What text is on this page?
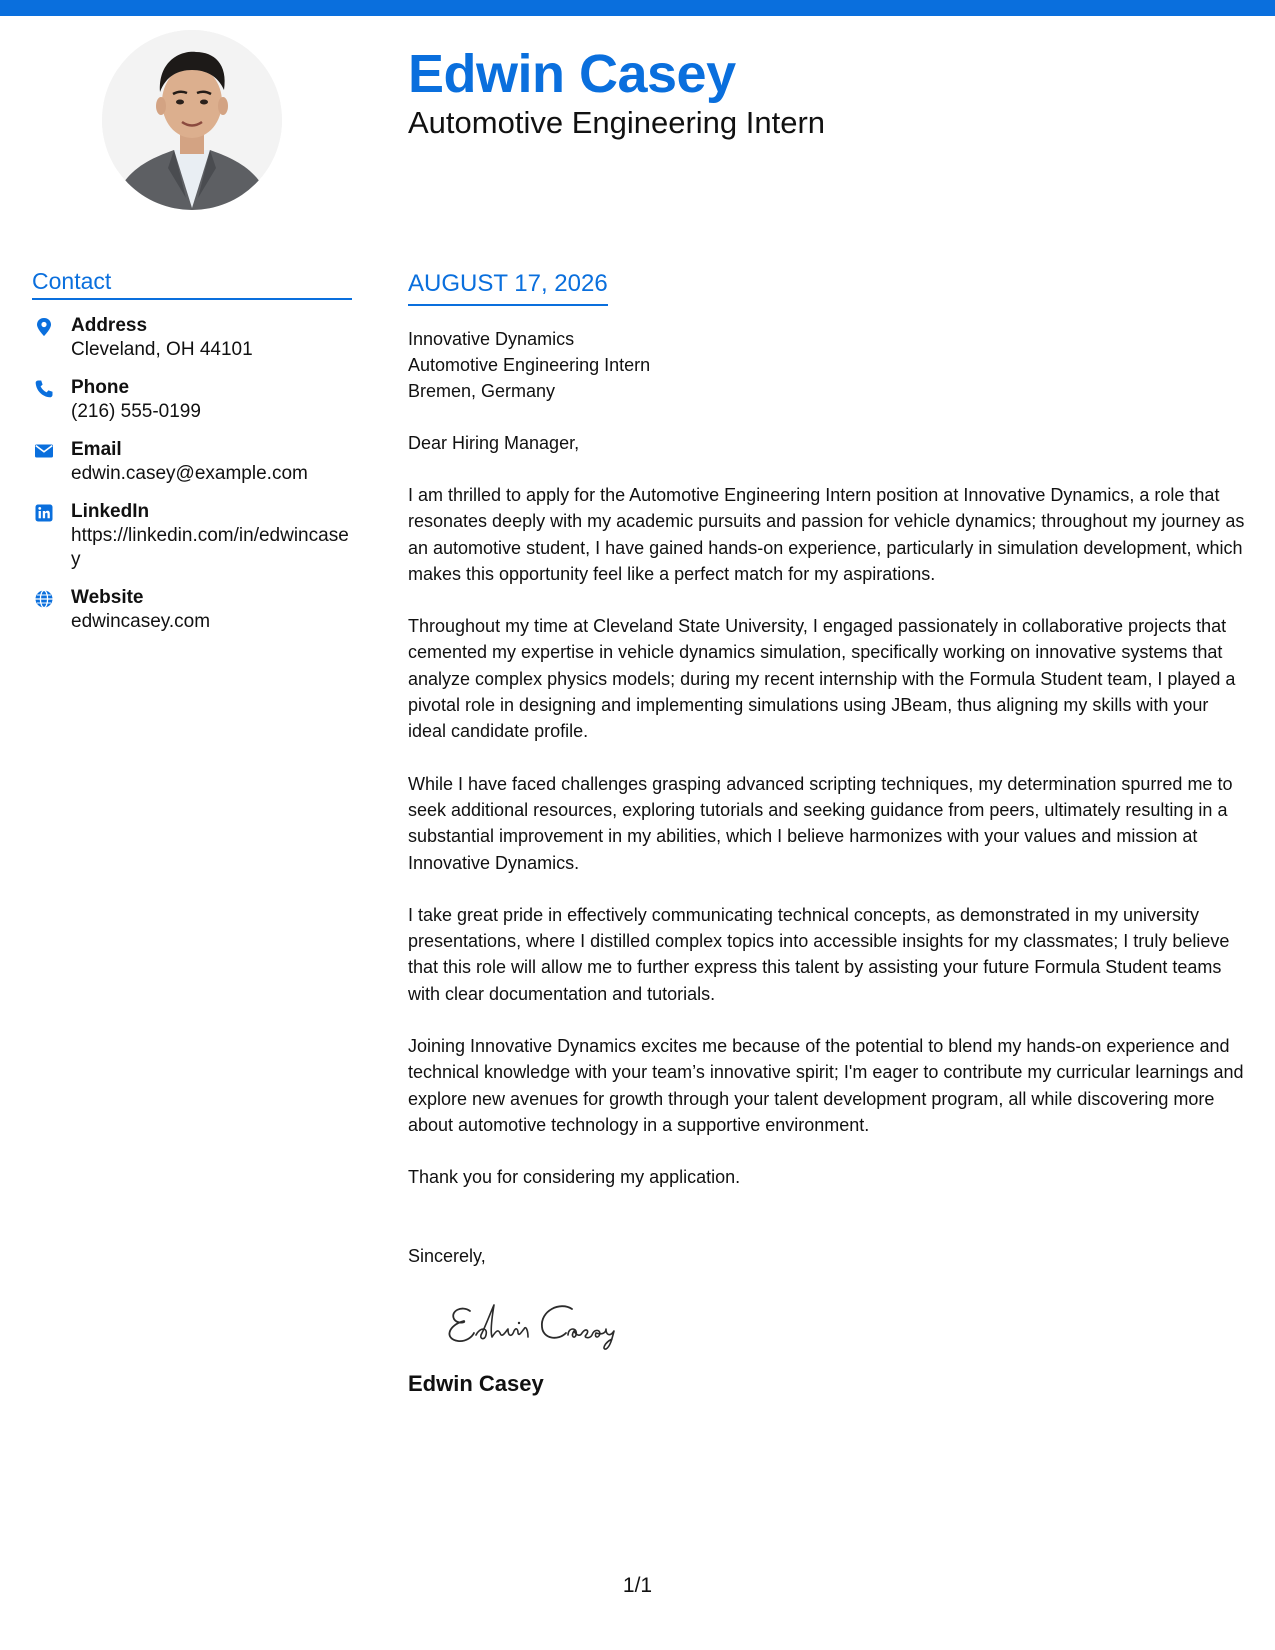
Edwin Casey
Automotive Engineering Intern
Contact
Address
Cleveland, OH 44101
Phone
(216) 555-0199
Email
edwin.casey@example.com
LinkedIn
https://linkedin.com/in/edwincasey
Website
edwincasey.com
AUGUST 17, 2026
Innovative Dynamics
Automotive Engineering Intern
Bremen, Germany
Dear Hiring Manager,

I am thrilled to apply for the Automotive Engineering Intern position at Innovative Dynamics, a role that resonates deeply with my academic pursuits and passion for vehicle dynamics; throughout my journey as an automotive student, I have gained hands-on experience, particularly in simulation development, which makes this opportunity feel like a perfect match for my aspirations.

Throughout my time at Cleveland State University, I engaged passionately in collaborative projects that cemented my expertise in vehicle dynamics simulation, specifically working on innovative systems that analyze complex physics models; during my recent internship with the Formula Student team, I played a pivotal role in designing and implementing simulations using JBeam, thus aligning my skills with your ideal candidate profile.

While I have faced challenges grasping advanced scripting techniques, my determination spurred me to seek additional resources, exploring tutorials and seeking guidance from peers, ultimately resulting in a substantial improvement in my abilities, which I believe harmonizes with your values and mission at Innovative Dynamics.

I take great pride in effectively communicating technical concepts, as demonstrated in my university presentations, where I distilled complex topics into accessible insights for my classmates; I truly believe that this role will allow me to further express this talent by assisting your future Formula Student teams with clear documentation and tutorials.

Joining Innovative Dynamics excites me because of the potential to blend my hands-on experience and technical knowledge with your team’s innovative spirit; I'm eager to contribute my curricular learnings and explore new avenues for growth through your talent development program, all while discovering more about automotive technology in a supportive environment.

Thank you for considering my application.

Sincerely,
Edwin Casey
1/1
